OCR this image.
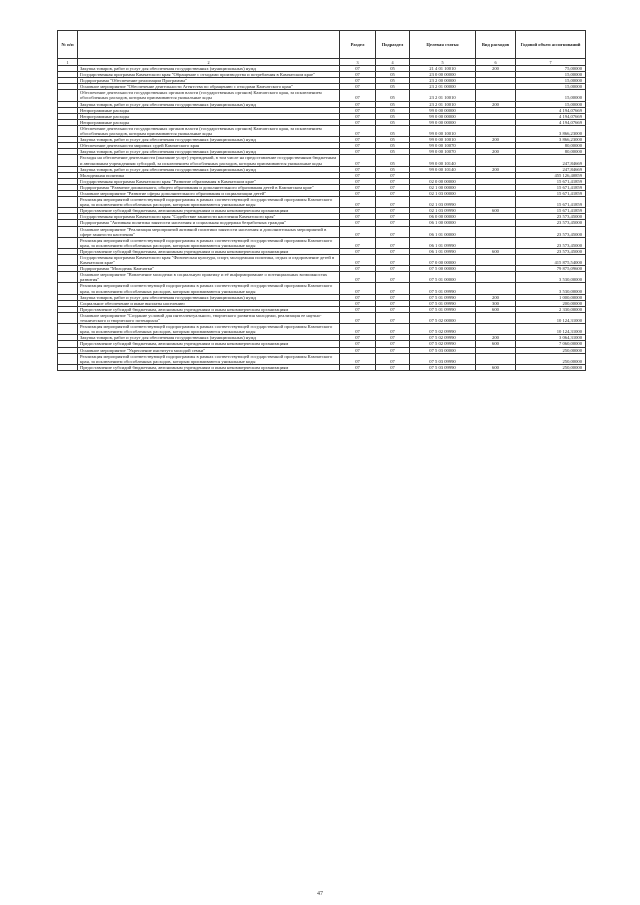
№ п/п		Раздел	Подраздел	Целевая статья	Вид расходов	Годовой объем ассигнований
1	2	3	4	5	6	7
	Закупка товаров, работ и услуг для обеспечения государственных (муниципальных) нужд	07	05	21 4 01 10010	200	75,00000
	Государственная программа Камчатского края "Обращение с отходами производства и потребления в Камчатском крае"	07	05	23 0 00 00000		15,00000
	Подпрограмма "Обеспечение реализации Программы"	07	05	23 2 00 00000		15,00000
	Основное мероприятие "Обеспечение деятельности Агентства по обращению с отходами Камчатского края"	07	05	23 2 01 00000		15,00000
	Обеспечение деятельности государственных органов власти (государственных органов) Камчатского края, за исключением обособленных расходов, которым присваиваются уникальные коды	07	05	23 2 01 10010		15,00000
	Закупка товаров, работ и услуг для обеспечения государственных (муниципальных) нужд	07	05	23 2 01 10010	200	15,00000
	Непрограммные расходы	07	05	99 0 00 00000		4 194,07669
	Непрограммные расходы	07	05	99 0 00 00000		4 194,07669
	Непрограммные расходы	07	05	99 0 00 00000		4 194,07669
	Обеспечение деятельности государственных органов власти (государственных органов) Камчатского края, за исключением обособленных расходов, которым присваиваются уникальные коды	07	05	99 0 00 10010		3 866,23000
	Закупка товаров, работ и услуг для обеспечения государственных (муниципальных) нужд	07	05	99 0 00 10010	200	3 866,23000
	Обеспечение деятельности мировых судей Камчатского края	07	05	99 0 00 10070		80,00000
	Закупка товаров, работ и услуг для обеспечения государственных (муниципальных) нужд	07	05	99 0 00 10070	200	80,00000
	Расходы на обеспечение деятельности (оказание услуг) учреждений, в том числе на предоставление государственным бюджетным и автономным учреждениям субсидий, за исключением обособленных расходов, которым присваиваются уникальные коды	07	05	99 0 00 10140		247,84669
	Закупка товаров, работ и услуг для обеспечения государственных (муниципальных) нужд	07	05	99 0 00 10140	200	247,84669
	Молодежная политика	07	07			455 126,40859
	Государственная программа Камчатского края "Развитие образования в Камчатском крае"	07	07	02 0 00 00000		15 671,41859
	Подпрограмма "Развитие дошкольного, общего образования и дополнительного образования детей в Камчатском крае"	07	07	02 1 00 00000		15 671,41859
	Основное мероприятие "Развитие сферы дополнительного образования и социализации детей"	07	07	02 1 03 00000		15 671,41859
	Реализация мероприятий соответствующей подпрограммы в рамках соответствующей государственной программы Камчатского края, за исключением обособленных расходов, которым присваиваются уникальные коды	07	07	02 1 03 09990		15 671,41859
	Предоставление субсидий бюджетным, автономным учреждениям и иным некоммерческим организациям	07	07	02 1 03 09990	600	15 671,41859
	Государственная программа Камчатского края "Содействие занятости населения Камчатского края"	07	07	06 0 00 00000		23 573,45000
	Подпрограмма "Активная политика занятости населения и социальная поддержка безработных граждан"	07	07	06 1 00 00000		23 573,45000
	Основное мероприятие "Реализация мероприятий активной политики занятости населения и дополнительных мероприятий в сфере занятости населения"	07	07	06 1 01 00000		23 573,45000
	Реализация мероприятий соответствующей подпрограммы в рамках соответствующей государственной программы Камчатского края, за исключением обособленных расходов, которым присваиваются уникальные коды	07	07	06 1 01 09990		23 573,45000
	Предоставление субсидий бюджетным, автономным учреждениям и иным некоммерческим организациям	07	07	06 1 01 09990	600	23 573,45000
	Государственная программа Камчатского края "Физическая культура, спорт, молодежная политика, отдых и оздоровление детей в Камчатском крае"	07	07	07 0 00 00000		415 875,54000
	Подпрограмма "Молодежь Камчатки"	07	07	07 5 00 00000		79 875,09600
	Основное мероприятие "Вовлечение молодежи в социальную практику и её информирование о потенциальных возможностях развития"	07	07	07 5 01 00000		3 530,00000
	Реализация мероприятий соответствующей подпрограммы в рамках соответствующей государственной программы Камчатского края, за исключением обособленных расходов, которым присваиваются уникальные коды	07	07	07 5 01 09990		3 530,00000
	Закупка товаров, работ и услуг для обеспечения государственных (муниципальных) нужд	07	07	07 5 01 09990	200	1 000,00000
	Социальное обеспечение и иные выплаты населению	07	07	07 5 01 09990	300	200,00000
	Предоставление субсидий бюджетным, автономным учреждениям и иным некоммерческим организациям	07	07	07 5 01 09990	600	2 330,00000
	Основное мероприятие "Создание условий для интеллектуального, творческого развития молодежи, реализация ее научно-технического и творческого потенциала"	07	07	07 5 02 00000		10 124,31000
	Реализация мероприятий соответствующей подпрограммы в рамках соответствующей государственной программы Камчатского края, за исключением обособленных расходов, которым присваиваются уникальные коды	07	07	07 5 02 09990		10 124,31000
	Закупка товаров, работ и услуг для обеспечения государственных (муниципальных) нужд	07	07	07 5 02 09990	200	3 064,31000
	Предоставление субсидий бюджетным, автономным учреждениям и иным некоммерческим организациям	07	07	07 5 02 09990	600	7 060,00000
	Основное мероприятие "Укрепление института молодой семьи"	07	07	07 5 03 00000		250,00000
	Реализация мероприятий соответствующей подпрограммы в рамках соответствующей государственной программы Камчатского края, за исключением обособленных расходов, которым присваиваются уникальные коды	07	07	07 5 03 09990		250,00000
	Предоставление субсидий бюджетным, автономным учреждениям и иным некоммерческим организациям	07	07	07 5 03 09990	600	250,00000
47
